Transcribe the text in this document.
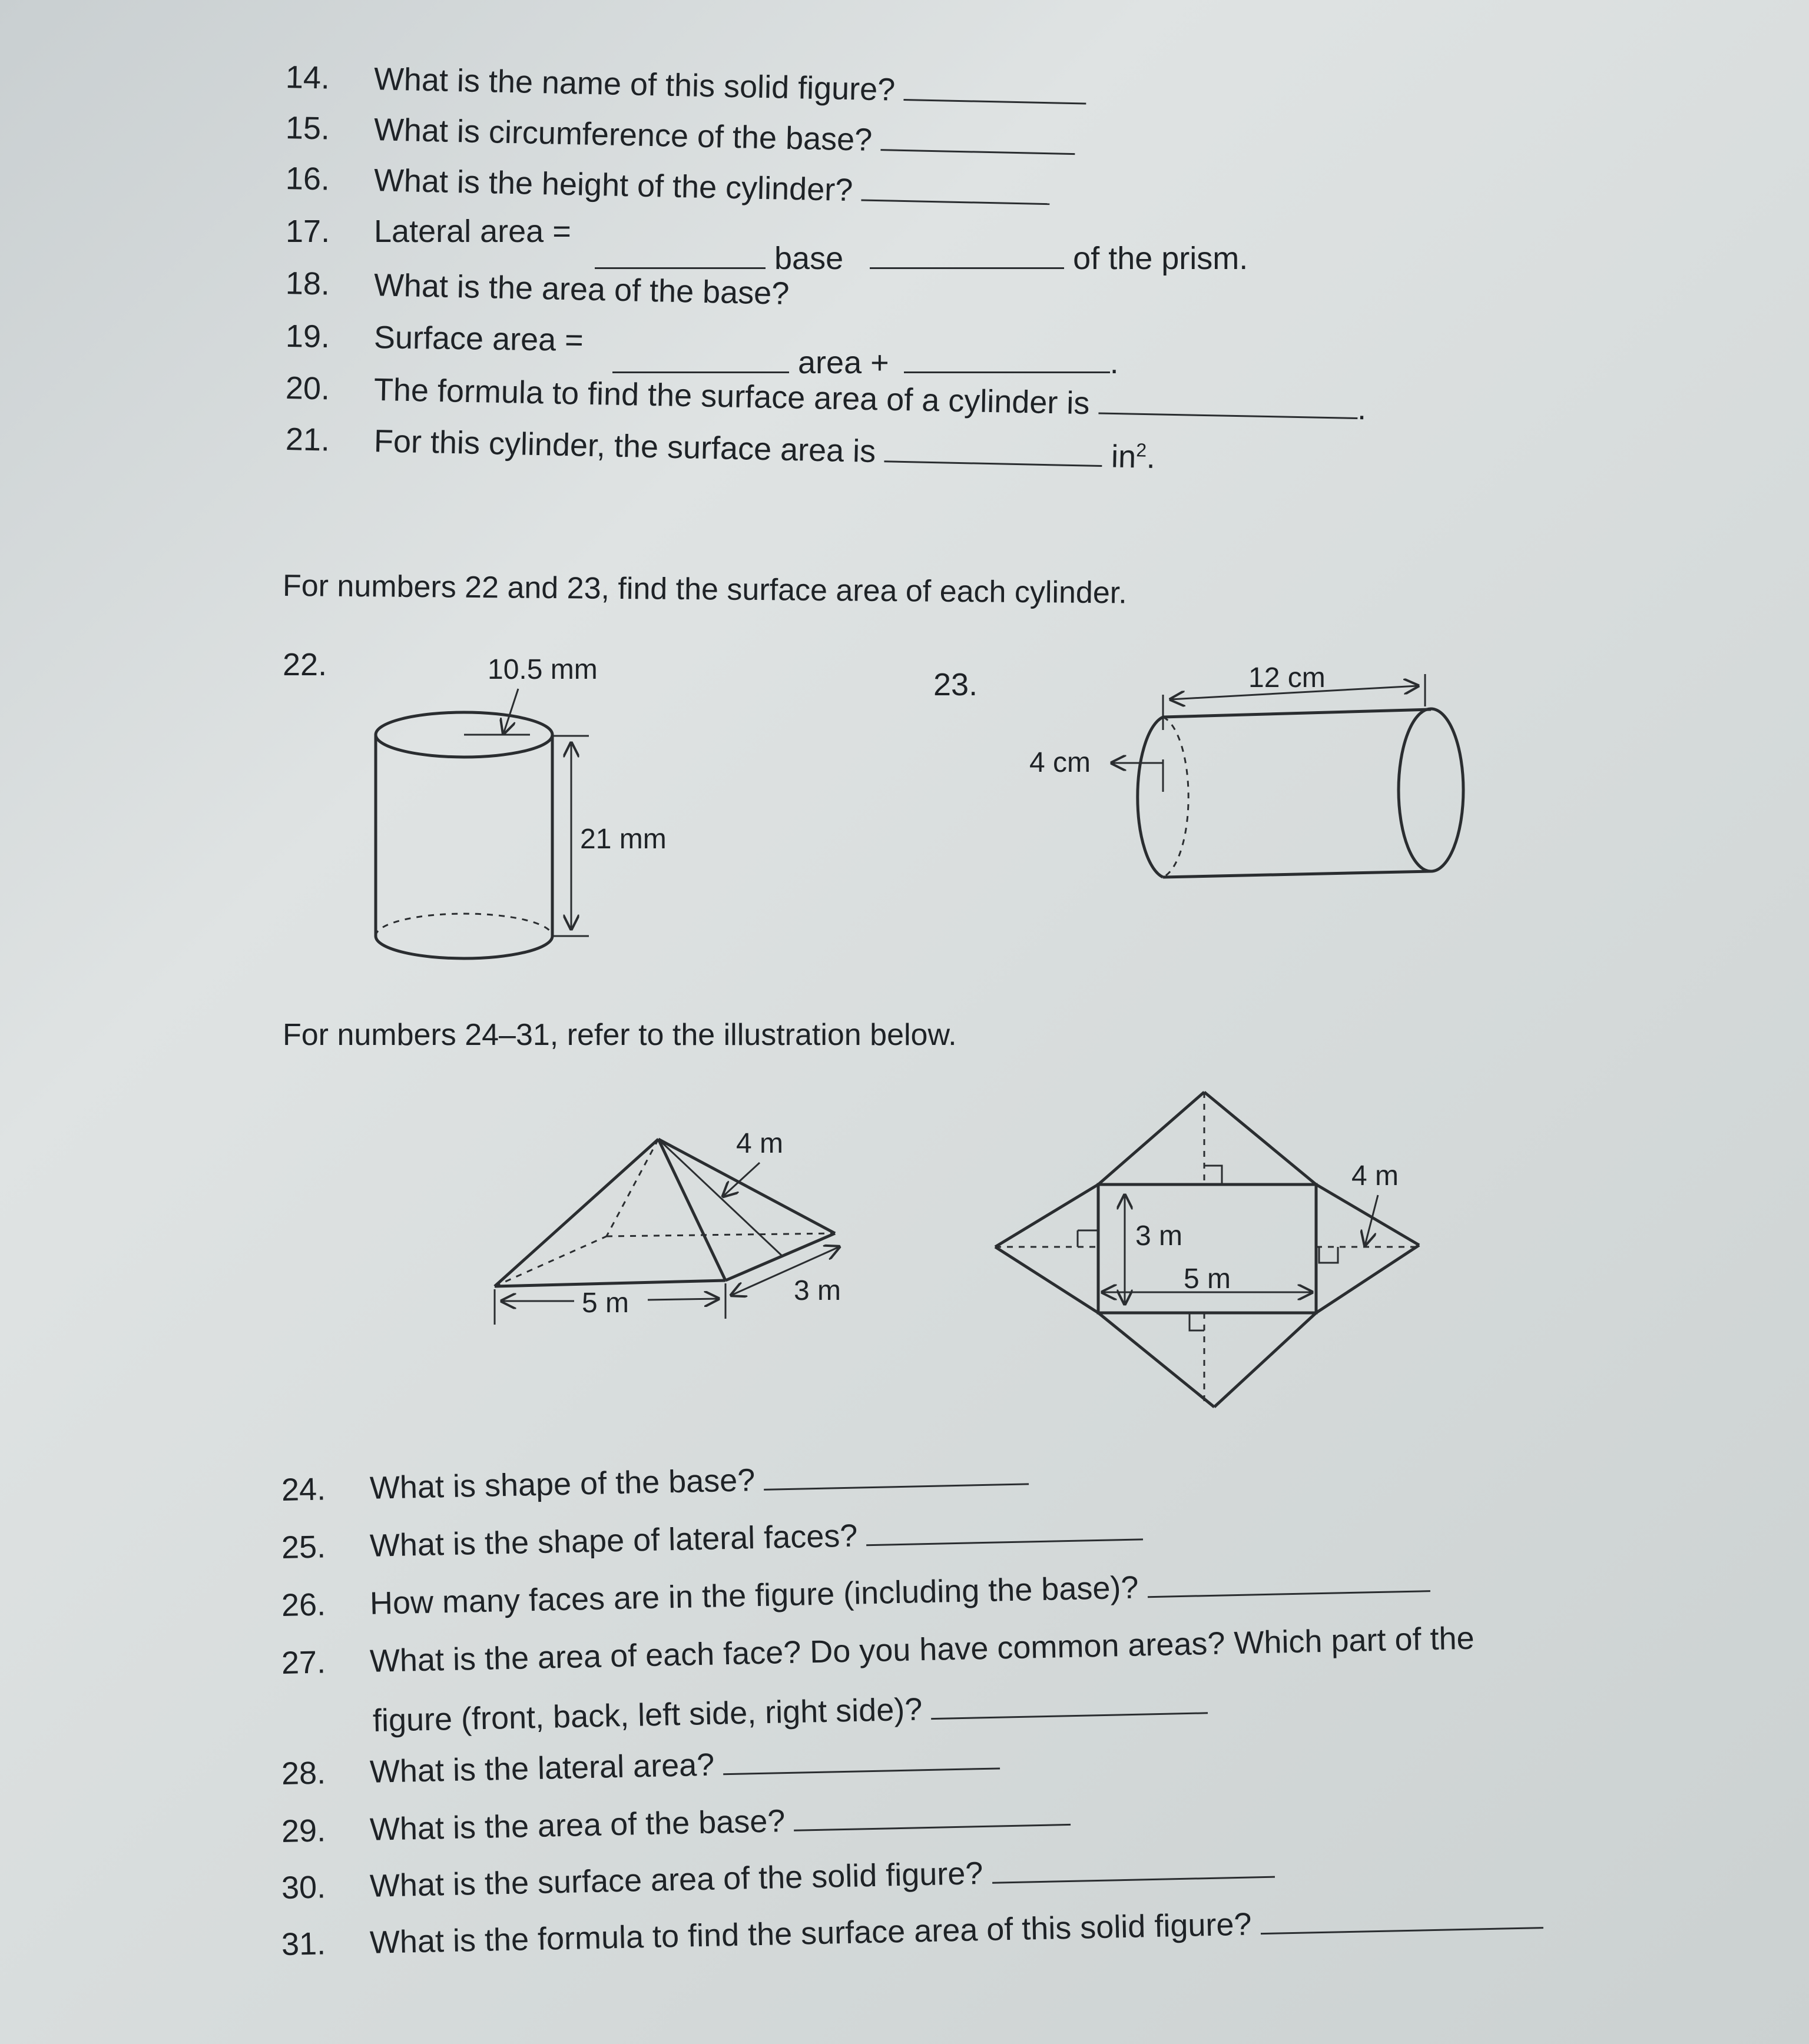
14. What is the name of this solid figure?
15. What is circumference of the base?
16. What is the height of the cylinder?
17. Lateral area =
base	of the prism.
18. What is the area of the base?
19. Surface area =
area +	.
20. The formula to find the surface area of a cylinder is	.
21. For this cylinder, the surface area is	$in^2$.
For numbers 22 and 23, find the surface area of each cylinder.
22.	10.5 mm
21 mm
23.	12 cm
4 cm
For numbers 24–31, refer to the illustration below.
4 m
5 m	3 m
4 m
3 m
5 m
24. What is shape of the base?
25. What is the shape of lateral faces?
26. How many faces are in the figure (including the base)?
27. What is the area of each face? Do you have common areas? Which part of the
figure (front, back, left side, right side)?
28. What is the lateral area?
29. What is the area of the base?
30. What is the surface area of the solid figure?
31. What is the formula to find the surface area of this solid figure?
